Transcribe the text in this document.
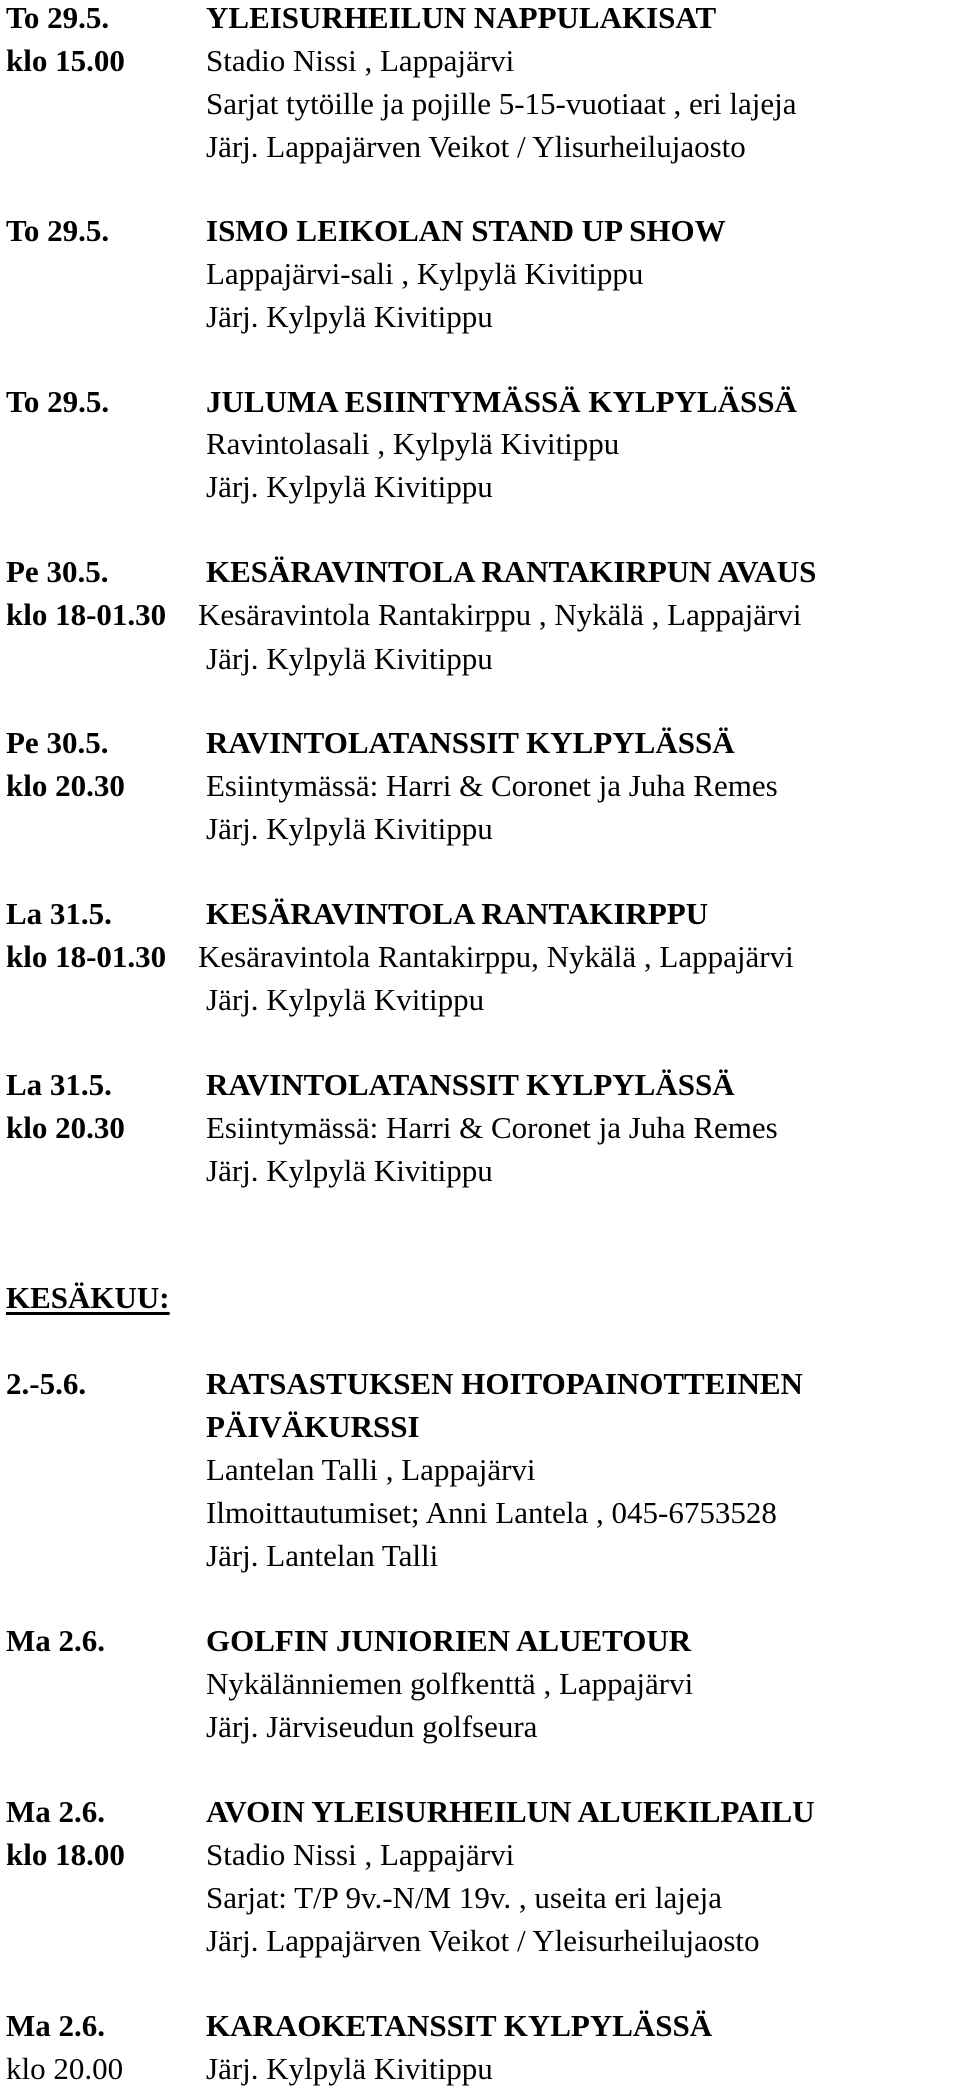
To 29.5.	YLEISURHEILUN NAPPULAKISAT
klo 15.00	Stadio Nissi , Lappajärvi
Sarjat tytöille ja pojille 5-15-vuotiaat , eri lajeja
Järj. Lappajärven Veikot / Ylisurheilujaosto
To 29.5.	ISMO LEIKOLAN STAND UP SHOW
Lappajärvi-sali , Kylpylä Kivitippu
Järj. Kylpylä Kivitippu
To 29.5.	JULUMA ESIINTYMÄSSÄ KYLPYLÄSSÄ
Ravintolasali , Kylpylä Kivitippu
Järj. Kylpylä Kivitippu
Pe 30.5.	KESÄRAVINTOLA RANTAKIRPUN AVAUS
klo 18-01.30 Kesäravintola Rantakirppu , Nykälä , Lappajärvi
Järj. Kylpylä Kivitippu
Pe 30.5.	RAVINTOLATANSSIT KYLPYLÄSSÄ
klo 20.30	Esiintymässä: Harri & Coronet ja Juha Remes
Järj. Kylpylä Kivitippu
La 31.5.	KESÄRAVINTOLA RANTAKIRPPU
klo 18-01.30 Kesäravintola Rantakirppu, Nykälä , Lappajärvi
Järj. Kylpylä Kvitippu
La 31.5.	RAVINTOLATANSSIT KYLPYLÄSSÄ
klo 20.30	Esiintymässä: Harri & Coronet ja Juha Remes
Järj. Kylpylä Kivitippu
KESÄKUU:
2.-5.6.	RATSASTUKSEN HOITOPAINOTTEINEN
PÄIVÄKURSSI
Lantelan Talli , Lappajärvi
Ilmoittautumiset; Anni Lantela , 045-6753528
Järj. Lantelan Talli
Ma 2.6.	GOLFIN JUNIORIEN ALUETOUR
Nykälänniemen golfkenttä , Lappajärvi
Järj. Järviseudun golfseura
Ma 2.6.	AVOIN YLEISURHEILUN ALUEKILPAILU
klo 18.00	Stadio Nissi , Lappajärvi
Sarjat: T/P 9v.-N/M 19v. , useita eri lajeja
Järj. Lappajärven Veikot / Yleisurheilujaosto
Ma 2.6.	KARAOKETANSSIT KYLPYLÄSSÄ
klo 20.00	Järj. Kylpylä Kivitippu
